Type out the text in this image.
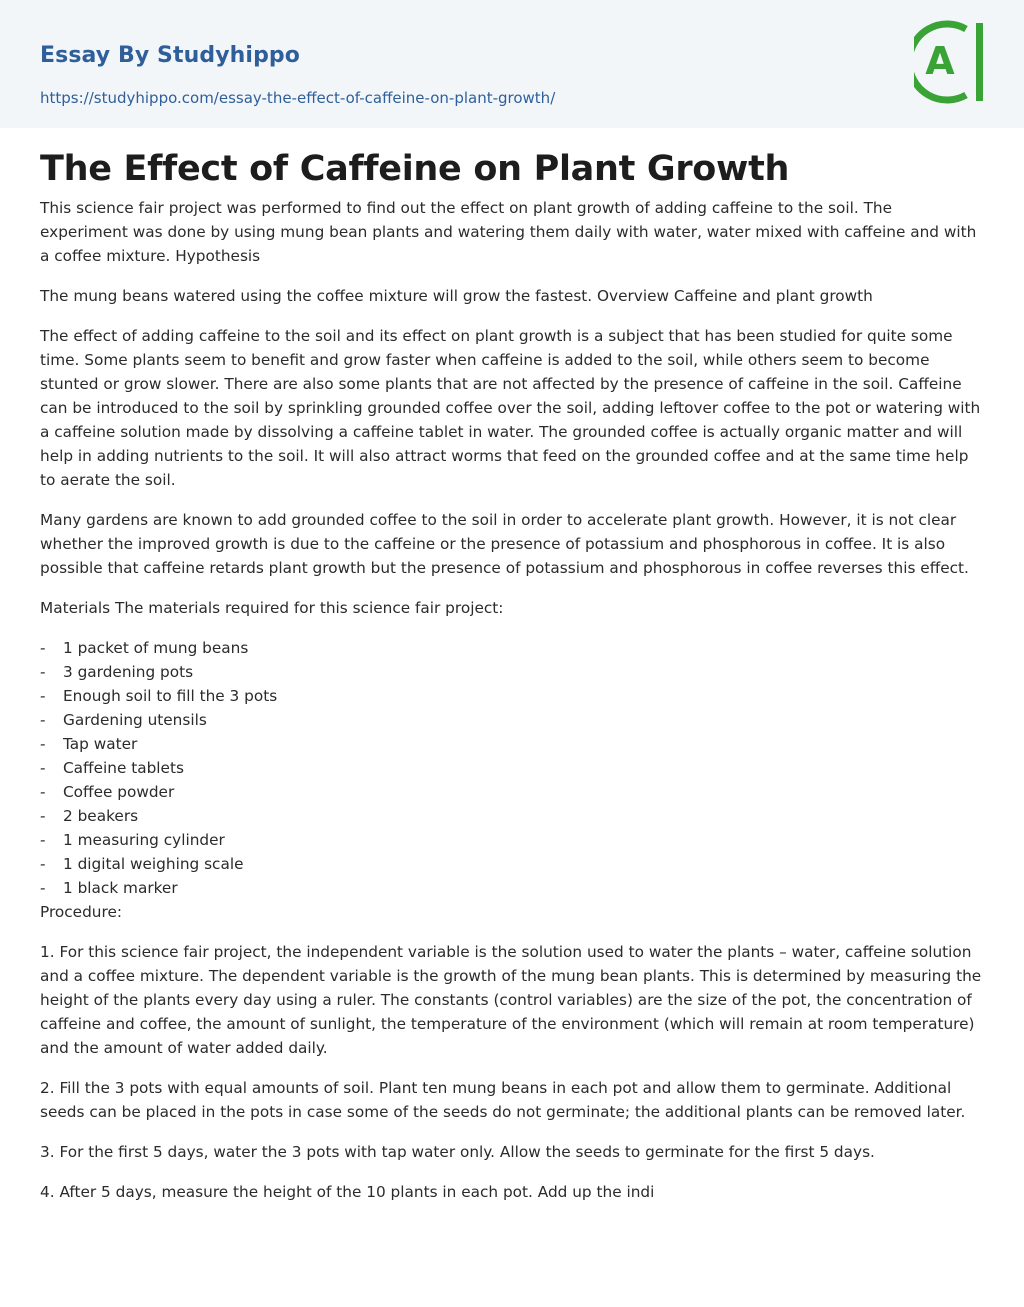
Essay By Studyhippo
https://studyhippo.com/essay-the-effect-of-caffeine-on-plant-growth/
A
The Effect of Caffeine on Plant Growth

This science fair project was performed to find out the effect on plant growth of adding caffeine to the soil. The experiment was done by using mung bean plants and watering them daily with water, water mixed with caffeine and with a coffee mixture. Hypothesis

The mung beans watered using the coffee mixture will grow the fastest. Overview Caffeine and plant growth

The effect of adding caffeine to the soil and its effect on plant growth is a subject that has been studied for quite some time. Some plants seem to benefit and grow faster when caffeine is added to the soil, while others seem to become stunted or grow slower. There are also some plants that are not affected by the presence of caffeine in the soil. Caffeine can be introduced to the soil by sprinkling grounded coffee over the soil, adding leftover coffee to the pot or watering with a caffeine solution made by dissolving a caffeine tablet in water. The grounded coffee is actually organic matter and will help in adding nutrients to the soil. It will also attract worms that feed on the grounded coffee and at the same time help to aerate the soil.

Many gardens are known to add grounded coffee to the soil in order to accelerate plant growth. However, it is not clear whether the improved growth is due to the caffeine or the presence of potassium and phosphorous in coffee. It is also possible that caffeine retards plant growth but the presence of potassium and phosphorous in coffee reverses this effect.

Materials The materials required for this science fair project:

- 1 packet of mung beans
- 3 gardening pots
- Enough soil to fill the 3 pots
- Gardening utensils
- Tap water
- Caffeine tablets
- Coffee powder
- 2 beakers
- 1 measuring cylinder
- 1 digital weighing scale
- 1 black marker

Procedure:

1. For this science fair project, the independent variable is the solution used to water the plants – water, caffeine solution and a coffee mixture. The dependent variable is the growth of the mung bean plants. This is determined by measuring the height of the plants every day using a ruler. The constants (control variables) are the size of the pot, the concentration of caffeine and coffee, the amount of sunlight, the temperature of the environment (which will remain at room temperature) and the amount of water added daily.

2. Fill the 3 pots with equal amounts of soil. Plant ten mung beans in each pot and allow them to germinate. Additional seeds can be placed in the pots in case some of the seeds do not germinate; the additional plants can be removed later.

3. For the first 5 days, water the 3 pots with tap water only. Allow the seeds to germinate for the first 5 days.

4. After 5 days, measure the height of the 10 plants in each pot. Add up the indi
